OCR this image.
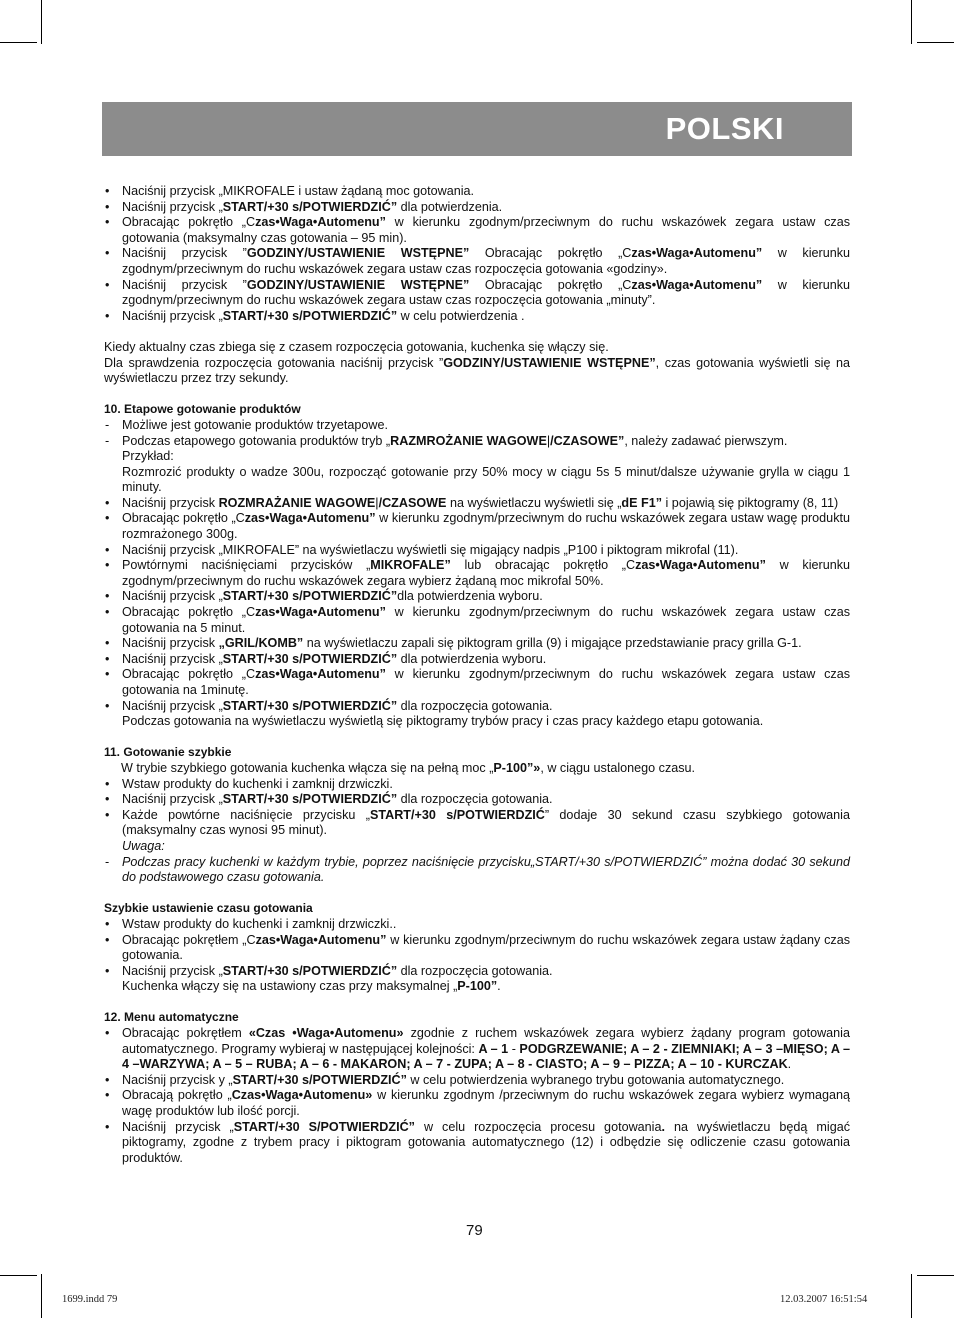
POLSKI
• Naciśnij przycisk „MIKROFALE i ustaw żądaną moc gotowania.
• Naciśnij przycisk „START/+30 s/POTWIERDZIĆ” dla potwierdzenia.
• Obracając pokrętło „Czas•Waga•Automenu” w kierunku zgodnym/przeciwnym do ruchu wskazówek zegara ustaw czas gotowania (maksymalny czas gotowania – 95 min).
• Naciśnij przycisk ”GODZINY/USTAWIENIE WSTĘPNE” Obracając pokrętło „Czas•Waga•Automenu” w kierunku zgodnym/przeciwnym do ruchu wskazówek zegara ustaw czas rozpoczęcia gotowania «godziny».
• Naciśnij przycisk ”GODZINY/USTAWIENIE WSTĘPNE” Obracając pokrętło „Czas•Waga•Automenu” w kierunku zgodnym/przeciwnym do ruchu wskazówek zegara ustaw czas rozpoczęcia gotowania „minuty”.
• Naciśnij przycisk „START/+30 s/POTWIERDZIĆ” w celu potwierdzenia .
Kiedy aktualny czas zbiega się z czasem rozpoczęcia gotowania, kuchenka się włączy się.
Dla sprawdzenia rozpoczęcia gotowania naciśnij przycisk ”GODZINY/USTAWIENIE WSTĘPNE”, czas gotowania wyświetli się na wyświetlaczu przez trzy sekundy.
10. Etapowe gotowanie produktów
- Możliwe jest gotowanie produktów trzyetapowe.
- Podczas etapowego gotowania produktów tryb „RAZMROŻANIE WAGOWE|/CZASOWE”, należy zadawać pierwszym.
Przykład:
Rozmrozić produkty o wadze 300u, rozpocząć gotowanie przy 50% mocy w ciągu 5s 5 minut/dalsze używanie grylla w ciągu 1 minuty.
• Naciśnij przycisk ROZMRAŻANIE WAGOWE|/CZASOWE na wyświetlaczu wyświetli się „dE F1” i pojawią się piktogramy (8, 11)
• Obracając pokrętło „Czas•Waga•Automenu” w kierunku zgodnym/przeciwnym do ruchu wskazówek zegara ustaw wagę produktu rozmrażonego 300g.
• Naciśnij przycisk „MIKROFALE” na wyświetlaczu wyświetli się migający nadpis „P100 i piktogram mikrofal (11).
• Powtórnymi naciśnięciami przycisków „MIKROFALE” lub obracając pokrętło „Czas•Waga•Automenu” w kierunku zgodnym/przeciwnym do ruchu wskazówek zegara wybierz żądaną moc mikrofal 50%.
• Naciśnij przycisk „START/+30 s/POTWIERDZIĆ”dla potwierdzenia wyboru.
• Obracając pokrętło „Czas•Waga•Automenu” w kierunku zgodnym/przeciwnym do ruchu wskazówek zegara ustaw czas gotowania na 5 minut.
• Naciśnij przycisk „GRIL/KOMB” na wyświetlaczu zapali się piktogram grilla (9) i migające przedstawianie pracy grilla G-1.
• Naciśnij przycisk „START/+30 s/POTWIERDZIĆ” dla potwierdzenia wyboru.
• Obracając pokrętło „Czas•Waga•Automenu” w kierunku zgodnym/przeciwnym do ruchu wskazówek zegara ustaw czas gotowania na 1minutę.
• Naciśnij przycisk „START/+30 s/POTWIERDZIĆ” dla rozpoczęcia gotowania.
Podczas gotowania na wyświetlaczu wyświetlą się piktogramy trybów pracy i czas pracy każdego etapu gotowania.
11. Gotowanie szybkie
W trybie szybkiego gotowania kuchenka włącza się na pełną moc „P-100”», w ciągu ustalonego czasu.
• Wstaw produkty do kuchenki i zamknij drzwiczki.
• Naciśnij przycisk „START/+30 s/POTWIERDZIĆ” dla rozpoczęcia gotowania.
• Każde powtórne naciśnięcie przycisku „START/+30 s/POTWIERDZIĆ” dodaje 30 sekund czasu szybkiego gotowania (maksymalny czas wynosi 95 minut).
Uwaga:
- Podczas pracy kuchenki w każdym trybie, poprzez naciśnięcie przycisku„START/+30 s/POTWIERDZIĆ” można dodać 30 sekund do podstawowego czasu gotowania.
Szybkie ustawienie czasu gotowania
• Wstaw produkty do kuchenki i zamknij drzwiczki..
• Obracając pokrętłem „Czas•Waga•Automenu” w kierunku zgodnym/przeciwnym do ruchu wskazówek zegara ustaw żądany czas gotowania.
• Naciśnij przycisk „START/+30 s/POTWIERDZIĆ” dla rozpoczęcia gotowania.
Kuchenka włączy się na ustawiony czas przy maksymalnej „P-100”.
12. Menu automatyczne
• Obracając pokrętłem «Czas •Waga•Automenu» zgodnie z ruchem wskazówek zegara wybierz żądany program gotowania automatycznego. Programy wybieraj w następującej kolejności: A – 1 - PODGRZEWANIE; A – 2 - ZIEMNIAKI; A – 3 –MIĘSO; A – 4 –WARZYWA; A – 5 – RUBA; A – 6 - MAKARON; A – 7 - ZUPA; A – 8 - CIASTO; A – 9 – PIZZA; A – 10 - KURCZAK.
• Naciśnij przycisk у „START/+30 s/POTWIERDZIĆ” w celu potwierdzenia wybranego trybu gotowania automatycznego.
• Obracają pokrętło „Czas•Waga•Automenu» w kierunku zgodnym /przeciwnym do ruchu wskazówek zegara wybierz wymaganą wagę produktów lub ilość porcji.
• Naciśnij przycisk „START/+30 S/POTWIERDZIĆ” w celu rozpoczęcia procesu gotowania. na wyświetlaczu będą migać piktogramy, zgodne z trybem pracy i piktogram gotowania automatycznego (12) i odbędzie się odliczenie czasu gotowania produktów.
79
1699.indd 79	12.03.2007 16:51:54
